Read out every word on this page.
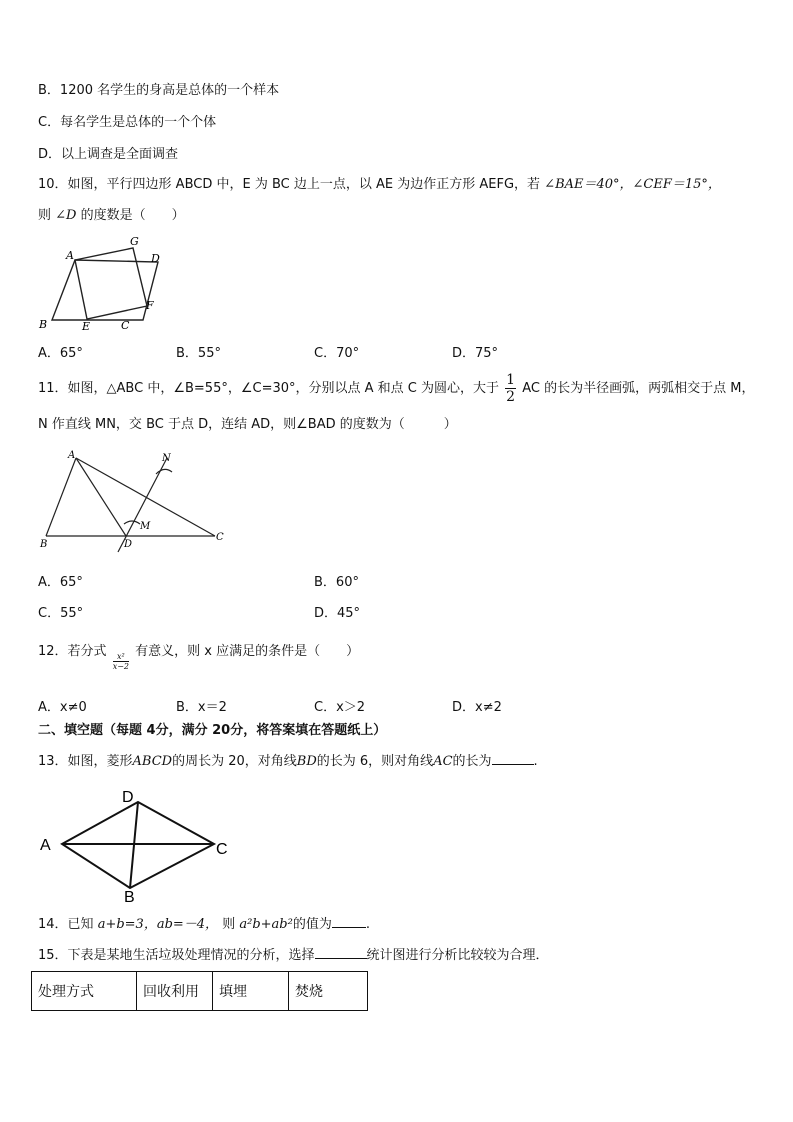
B．1200 名学生的身高是总体的一个样本
C．每名学生是总体的一个个体
D．以上调查是全面调查
10．如图，平行四边形 ABCD 中，E 为 BC 边上一点，以 AE 为边作正方形 AEFG，若 ∠BAE＝40°，∠CEF＝15°，
则 ∠D 的度数是（　　）
A
G
D
F
B	E	C
A．65°	B．55°	C．70°	D．75°
11．如图，△ABC 中，∠B=55°，∠C=30°，分别以点 A 和点 C 为圆心，大于 $\frac{1}{2}$ AC 的长为半径画弧，两弧相交于点 M，
N 作直线 MN，交 BC 于点 D，连结 AD，则∠BAD 的度数为（　　　）
A	N
M
B	D
C
A．65°	B．60°
C．55°	D．45°
12．若分式
$\frac{\text{x²}}{x-2}$
有意义，则 x 应满足的条件是（　　）
A．x≠0	B．x＝2	C．x＞2	D．x≠2
二、填空题（每题 4分，满分 20分，将答案填在答题纸上）
13．如图，菱形ABCD的周长为 20，对角线BD的长为 6，则对角线AC的长为	.
D
A	C
B
14．已知 a+b=3，ab=－4， 则 a²b+ab²的值为	.
15．下表是某地生活垃圾处理情况的分析，选择	统计图进行分析比较较为合理．
处理方式	回收利用	填埋	焚烧
